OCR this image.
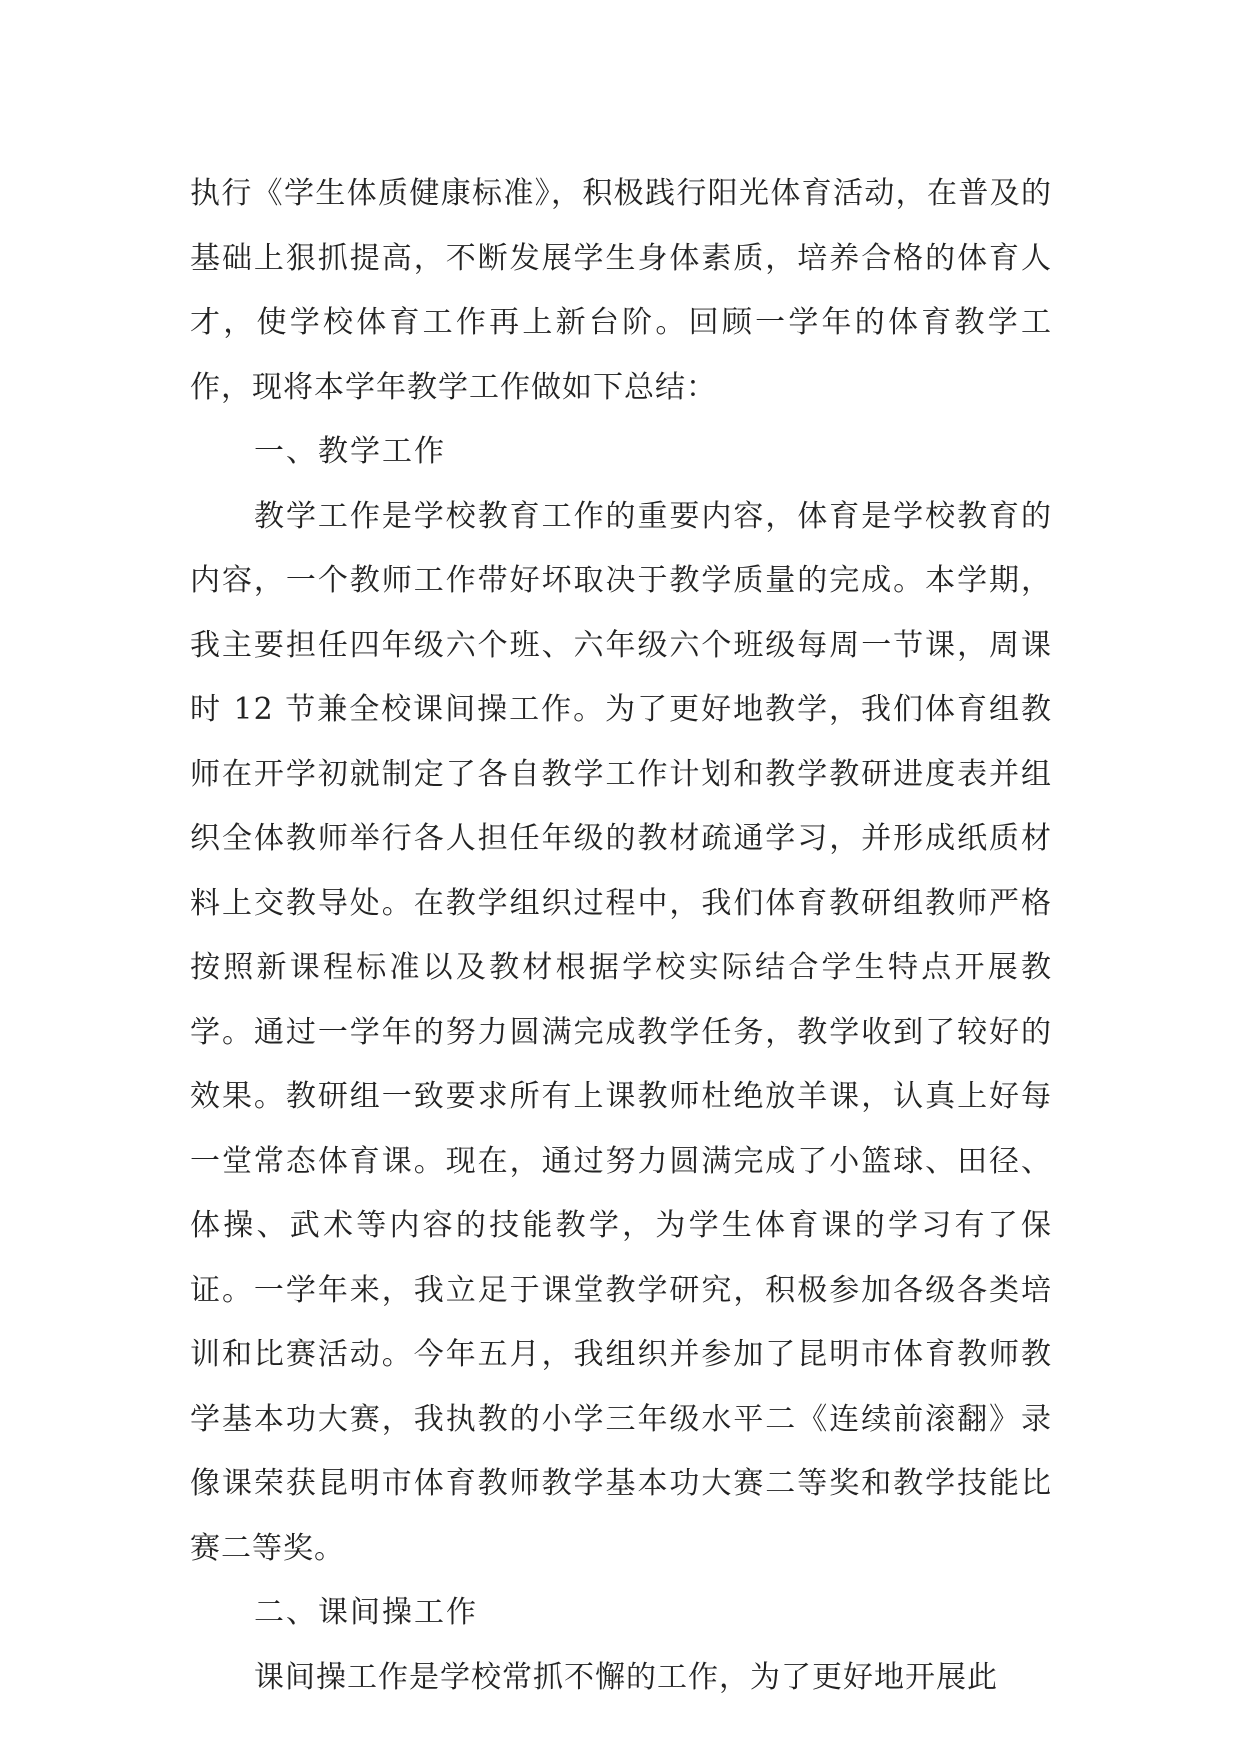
执行《学生体质健康标准》，积极践行阳光体育活动，在普及的基础上狠抓提高，不断发展学生身体素质，培养合格的体育人才，使学校体育工作再上新台阶。回顾一学年的体育教学工作，现将本学年教学工作做如下总结：

一、教学工作

教学工作是学校教育工作的重要内容，体育是学校教育的内容，一个教师工作带好坏取决于教学质量的完成。本学期，我主要担任四年级六个班、六年级六个班级每周一节课，周课时 12 节兼全校课间操工作。为了更好地教学，我们体育组教师在开学初就制定了各自教学工作计划和教学教研进度表并组织全体教师举行各人担任年级的教材疏通学习，并形成纸质材料上交教导处。在教学组织过程中，我们体育教研组教师严格按照新课程标准以及教材根据学校实际结合学生特点开展教学。通过一学年的努力圆满完成教学任务，教学收到了较好的效果。教研组一致要求所有上课教师杜绝放羊课，认真上好每一堂常态体育课。现在，通过努力圆满完成了小篮球、田径、体操、武术等内容的技能教学，为学生体育课的学习有了保证。一学年来，我立足于课堂教学研究，积极参加各级各类培训和比赛活动。今年五月，我组织并参加了昆明市体育教师教学基本功大赛，我执教的小学三年级水平二《连续前滚翻》录像课荣获昆明市体育教师教学基本功大赛二等奖和教学技能比赛二等奖。

二、课间操工作

课间操工作是学校常抓不懈的工作，为了更好地开展此
